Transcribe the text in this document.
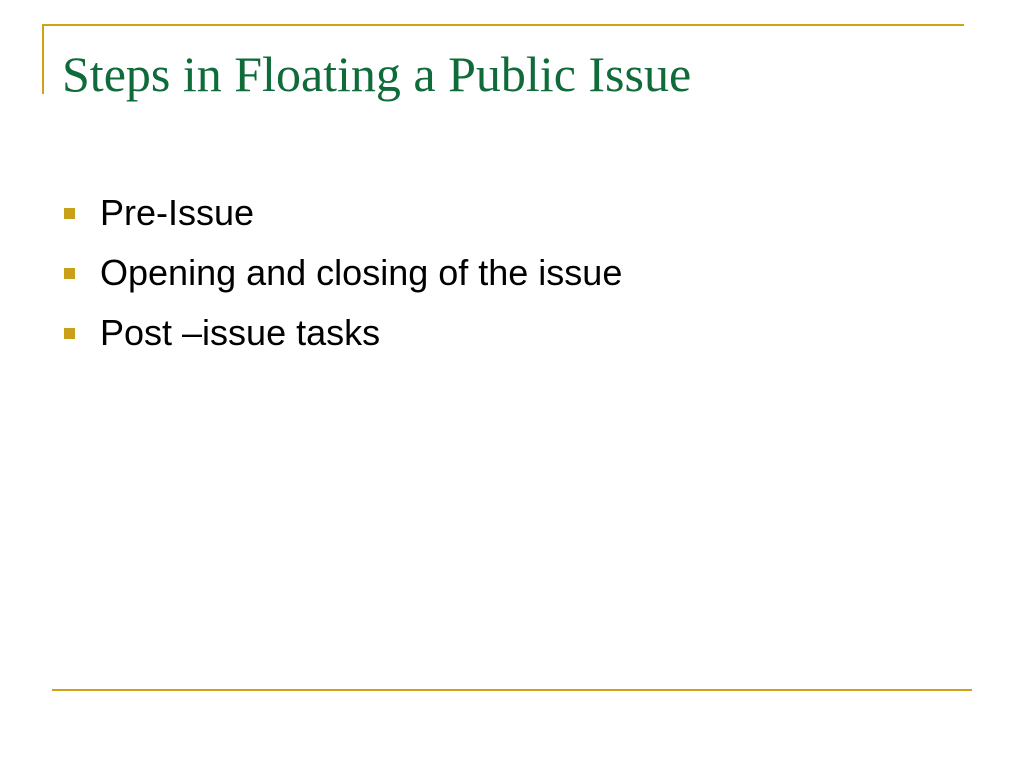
Steps in Floating a Public Issue
Pre-Issue
Opening and closing of the issue
Post –issue tasks
